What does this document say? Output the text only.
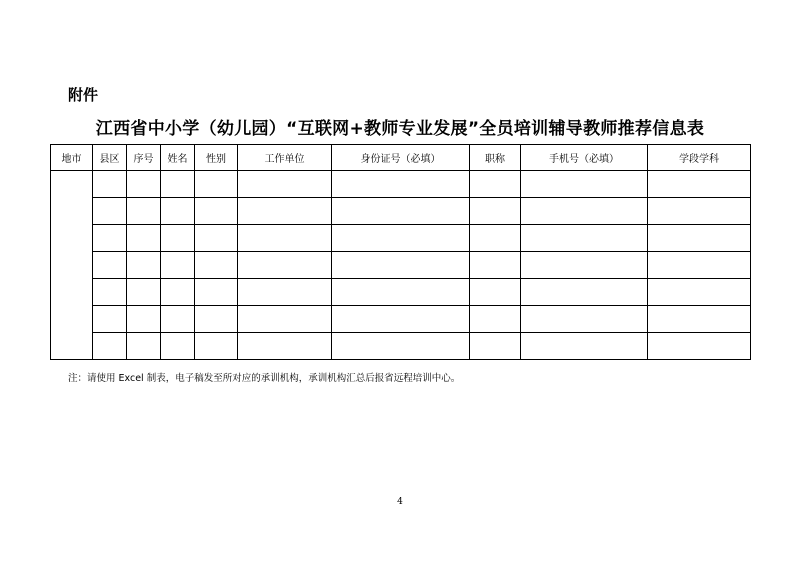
附件
江西省中小学（幼儿园）“互联网+教师专业发展”全员培训辅导教师推荐信息表
地市	县区	序号	姓名	性别	工作单位	身份证号（必填）	职称	手机号（必填）	学段学科

注：请使用 Excel 制表，电子稿发至所对应的承训机构，承训机构汇总后报省远程培训中心。
4
